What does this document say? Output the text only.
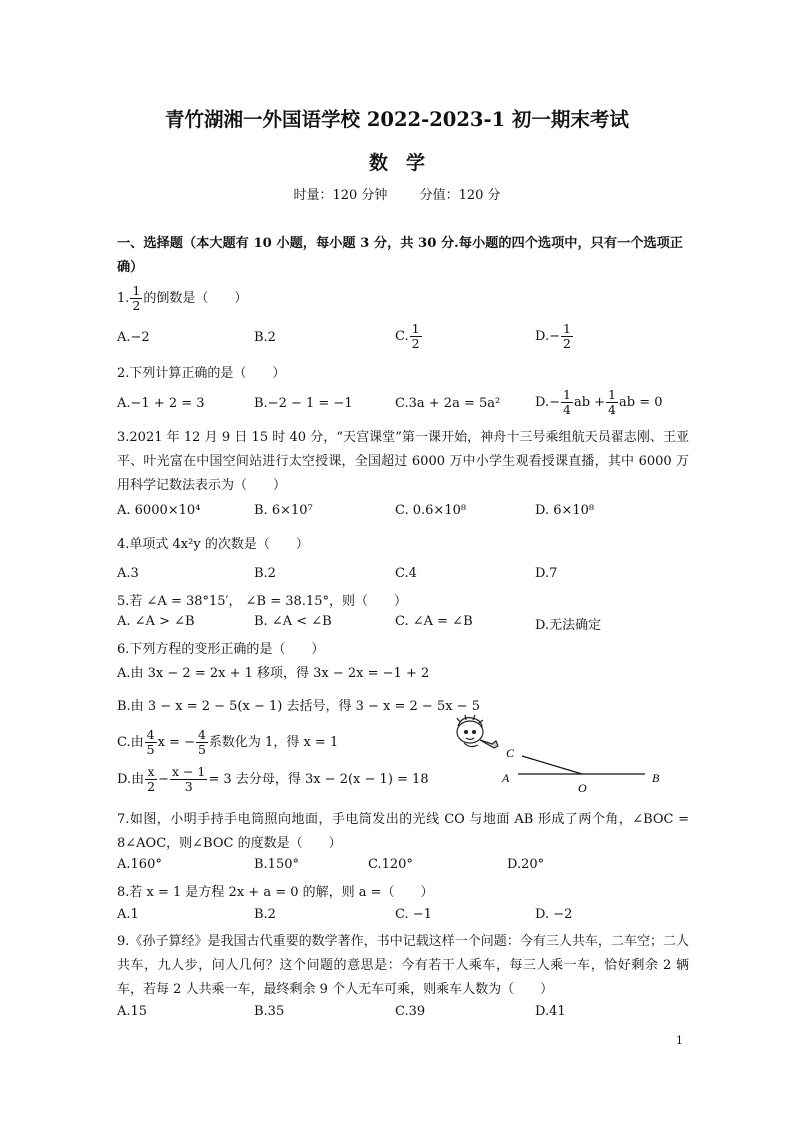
青竹湖湘一外国语学校 2022-2023-1 初一期末考试
数学
时量：120 分钟 分值：120 分
一、选择题（本大题有 10 小题，每小题 3 分，共 30 分.每小题的四个选项中，只有一个选项正确）
1. $\frac{1}{2}$ 的倒数是（　　）
A.−2	B.2	C. $\frac{1}{2}$	$D.- \frac{1}{2}$
2.下列计算正确的是（　　）
A.−1 + 2 = 3	B.−2 − 1 = −1	C.3a + 2a = 5a²	$D.- \frac{1}{4}$ ab + $\frac{1}{4}$ ab = 0
3.2021 年 12 月 9 日 15 时 40 分，“天宫课堂”第一课开始，神舟十三号乘组航天员翟志刚、王亚平、叶光富在中国空间站进行太空授课，全国超过 6000 万中小学生观看授课直播，其中 6000 万用科学记数法表示为（　　）
A. 6000×10⁴	B. 6×10⁷	C. 0.6×10⁸	D. 6×10⁸
4.单项式 4x²y 的次数是（　　）
A.3	B.2	C.4	D.7
5.若 ∠A = 38°15′， ∠B = 38.15°，则（　　）
A. ∠A > ∠B	B. ∠A < ∠B	C. ∠A = ∠B	D.无法确定
6.下列方程的变形正确的是（　　）
A.由 3x − 2 = 2x + 1 移项，得 3x − 2x = −1 + 2
B.由 3 − x = 2 − 5(x − 1) 去括号，得 3 − x = 2 − 5x − 5
C.由 $\frac{4}{5}$ x = − $\frac{4}{5}$ 系数化为 1，得 x = 1
D.由 $\frac{x}{2} - \frac{x - 1}{3} = 3$ 去分母，得 3x − 2(x − 1) = 18
C
A
O
B
7.如图，小明手持手电筒照向地面，手电筒发出的光线 CO 与地面 AB 形成了两个角，∠BOC = 8∠AOC，则∠BOC 的度数是（　　）
A.160°	B.150°	C.120°	D.20°
8.若 x = 1 是方程 2x + a = 0 的解，则 a =（　　）
A.1	B.2	C. −1	D. −2
9.《孙子算经》是我国古代重要的数学著作，书中记载这样一个问题：今有三人共车，二车空；二人共车，九人步，问人几何？这个问题的意思是：今有若干人乘车，每三人乘一车，恰好剩余 2 辆车，若每 2 人共乘一车，最终剩余 9 个人无车可乘，则乘车人数为（　　）
A.15	B.35	C.39	D.41
1
